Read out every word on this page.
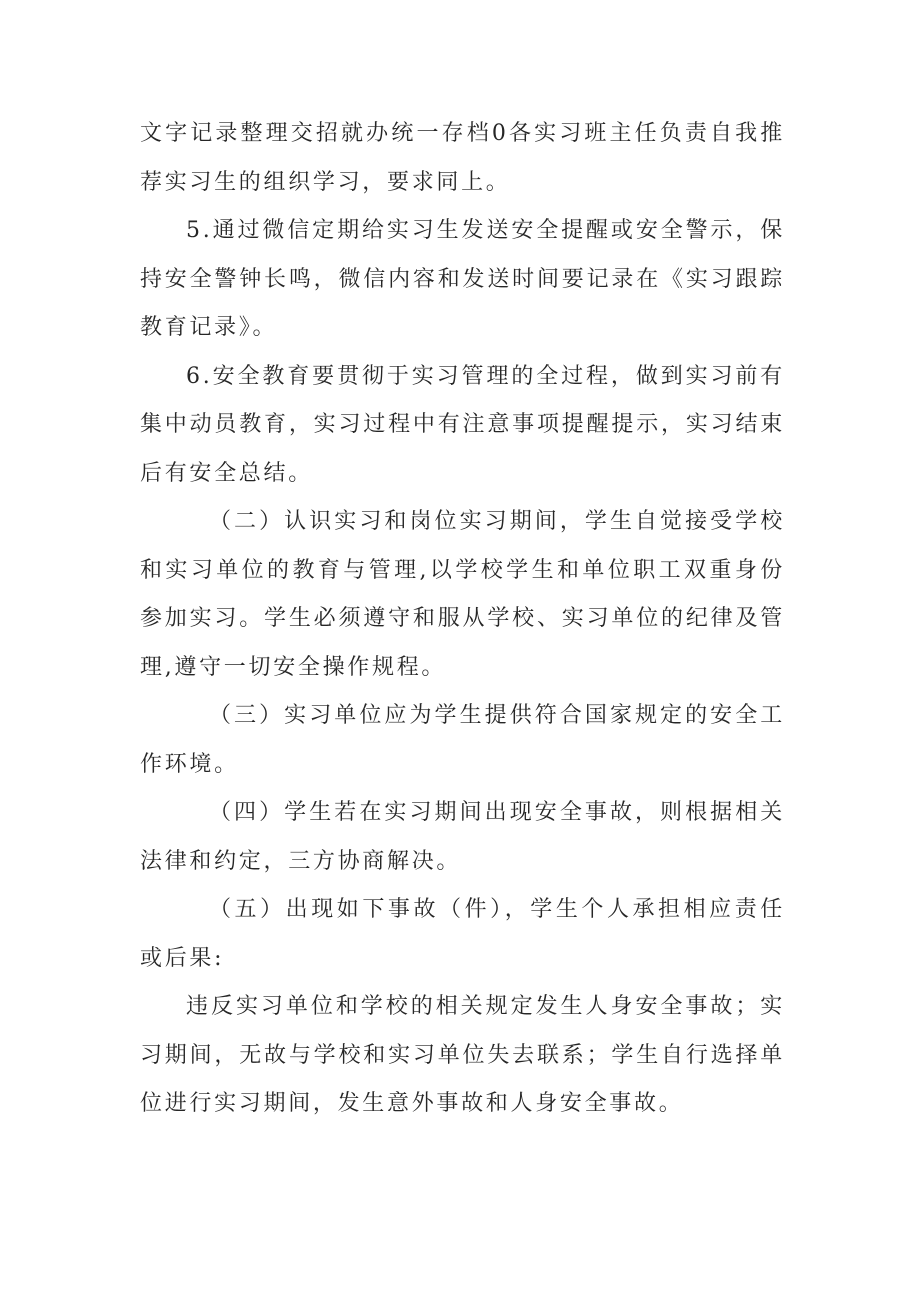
文字记录整理交招就办统一存档0各实习班主任负责自我推荐实习生的组织学习，要求同上。

5.通过微信定期给实习生发送安全提醒或安全警示，保持安全警钟长鸣，微信内容和发送时间要记录在《实习跟踪教育记录》。

6.安全教育要贯彻于实习管理的全过程，做到实习前有集中动员教育，实习过程中有注意事项提醒提示，实习结束后有安全总结。

（二）认识实习和岗位实习期间，学生自觉接受学校和实习单位的教育与管理,以学校学生和单位职工双重身份参加实习。学生必须遵守和服从学校、实习单位的纪律及管理,遵守一切安全操作规程。

（三）实习单位应为学生提供符合国家规定的安全工作环境。

（四）学生若在实习期间出现安全事故，则根据相关法律和约定，三方协商解决。

（五）出现如下事故（件），学生个人承担相应责任或后果:

违反实习单位和学校的相关规定发生人身安全事故；实习期间，无故与学校和实习单位失去联系；学生自行选择单位进行实习期间，发生意外事故和人身安全事故。
